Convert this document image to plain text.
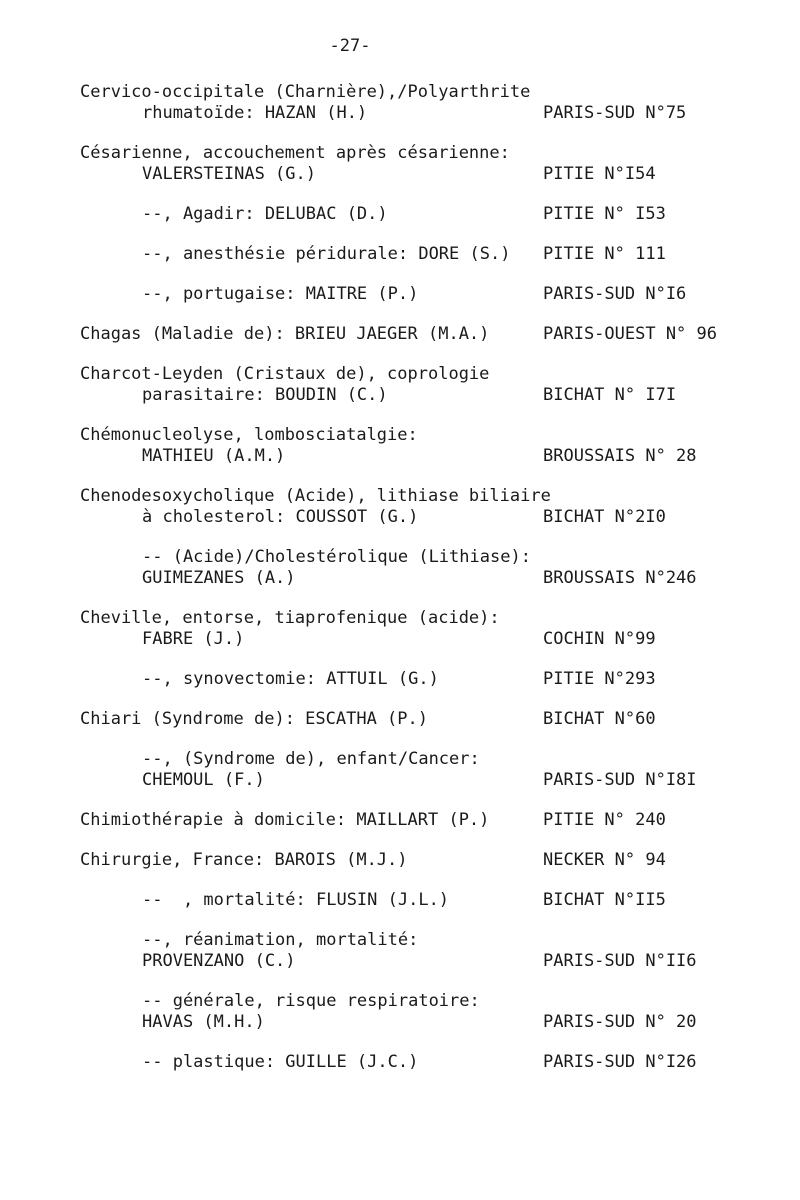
-27-
Cervico-occipitale (Charnière),/Polyarthrite
rhumatoïde: HAZAN (H.)	PARIS-SUD N°75
Césarienne, accouchement après césarienne:
VALERSTEINAS (G.)	PITIE N°I54
--, Agadir: DELUBAC (D.)	PITIE N° I53
--, anesthésie péridurale: DORE (S.)	PITIE N° 111
--, portugaise: MAITRE (P.)	PARIS-SUD N°I6
Chagas (Maladie de): BRIEU JAEGER (M.A.)	PARIS-OUEST N° 96
Charcot-Leyden (Cristaux de), coprologie
parasitaire: BOUDIN (C.)	BICHAT N° I7I
Chémonucleolyse, lombosciatalgie:
MATHIEU (A.M.)	BROUSSAIS N° 28
Chenodesoxycholique (Acide), lithiase biliaire
à cholesterol: COUSSOT (G.)	BICHAT N°2I0
-- (Acide)/Cholestérolique (Lithiase):
GUIMEZANES (A.)	BROUSSAIS N°246
Cheville, entorse, tiaprofenique (acide):
FABRE (J.)	COCHIN N°99
--, synovectomie: ATTUIL (G.)	PITIE N°293
Chiari (Syndrome de): ESCATHA (P.)	BICHAT N°60
--, (Syndrome de), enfant/Cancer:
CHEMOUL (F.)	PARIS-SUD N°I8I
Chimiothérapie à domicile: MAILLART (P.)	PITIE N° 240
Chirurgie, France: BAROIS (M.J.)	NECKER N° 94
--  , mortalité: FLUSIN (J.L.)	BICHAT N°II5
--, réanimation, mortalité:
PROVENZANO (C.)	PARIS-SUD N°II6
-- générale, risque respiratoire:
HAVAS (M.H.)	PARIS-SUD N° 20
-- plastique: GUILLE (J.C.)	PARIS-SUD N°I26
